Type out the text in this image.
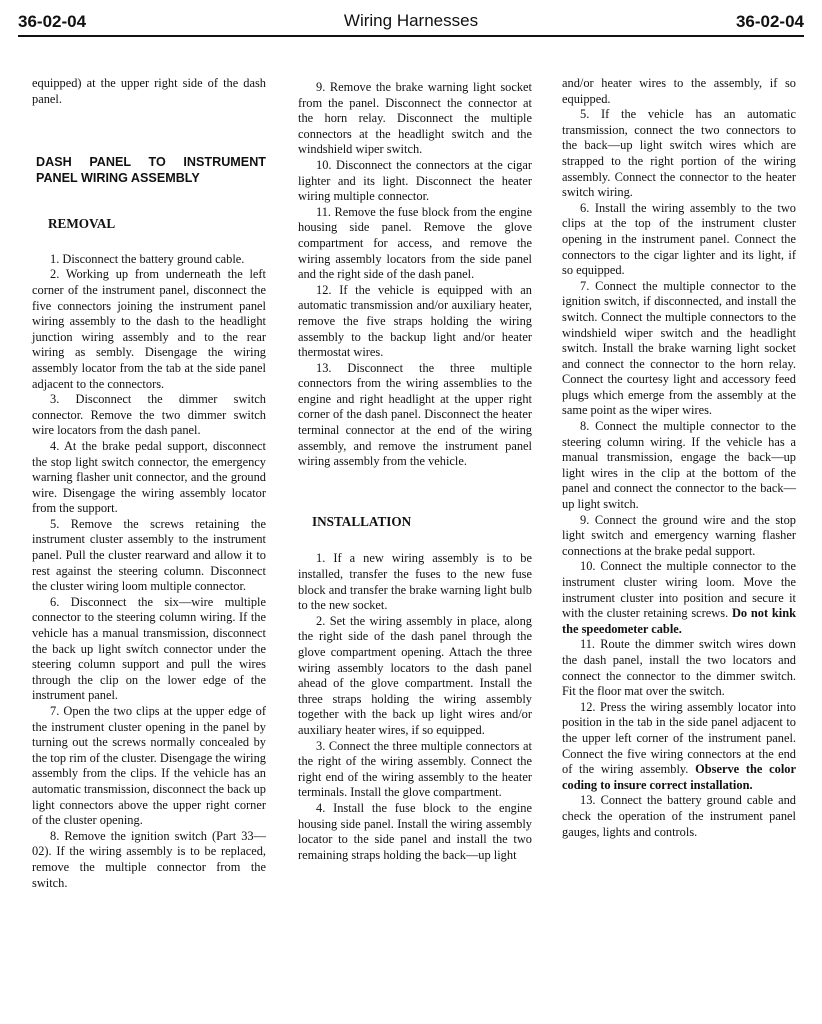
36-02-04	Wiring Harnesses	36-02-04

equipped) at the upper right side of the dash panel.

DASH PANEL TO INSTRUMENT PANEL WIRING ASSEMBLY
REMOVAL

1. Disconnect the battery ground cable.

2. Working up from underneath the left corner of the instrument panel, disconnect the five connectors joining the instrument panel wiring assembly to the dash to the headlight junction wiring assembly and to the rear wiring as sembly. Disengage the wiring assembly locator from the tab at the side panel adjacent to the connectors.

3. Disconnect the dimmer switch connector. Remove the two dimmer switch wire locators from the dash panel.

4. At the brake pedal support, disconnect the stop light switch connector, the emergency warning flasher unit connector, and the ground wire. Disengage the wiring assembly locator from the support.

5. Remove the screws retaining the instrument cluster assembly to the instrument panel. Pull the cluster rearward and allow it to rest against the steering column. Disconnect the cluster wiring loom multiple connector.

6. Disconnect the six—wire multiple connector to the steering column wiring. If the vehicle has a manual transmission, disconnect the back up light swítch connector under the steering column support and pull the wires through the clip on the lower edge of the instrument panel.

7. Open the two clips at the upper edge of the instrument cluster opening in the panel by turning out the screws normally concealed by the top rim of the cluster. Disengage the wiring assembly from the clips. If the vehicle has an automatic transmission, disconnect the back up light connectors above the upper right corner of the cluster opening.

8. Remove the ignition switch (Part 33—02). If the wiring assembly is to be replaced, remove the multiple connector from the switch.

9. Remove the brake warning light socket from the panel. Disconnect the connector at the horn relay. Disconnect the multiple connectors at the headlight switch and the windshield wiper switch.

10. Disconnect the connectors at the cigar lighter and its light. Disconnect the heater wiring multiple connector.

11. Remove the fuse block from the engine housing side panel. Remove the glove compartment for access, and remove the wiring assembly locators from the side panel and the right side of the dash panel.

12. If the vehicle is equipped with an automatic transmission and/or auxiliary heater, remove the five straps holding the wiring assembly to the backup light and/or heater thermostat wires.

13. Disconnect the three multiple connectors from the wiring assemblies to the engine and right headlight at the upper right corner of the dash panel. Disconnect the heater terminal connector at the end of the wiring assembly, and remove the instrument panel wiring assembly from the vehicle.

INSTALLATION

1. If a new wiring assembly is to be installed, transfer the fuses to the new fuse block and transfer the brake warning light bulb to the new socket.

2. Set the wiring assembly in place, along the right side of the dash panel through the glove compartment opening. Attach the three wiring assembly locators to the dash panel ahead of the glove compartment. Install the three straps holding the wiring assembly together with the back up light wires and/or auxiliary heater wires, if so equipped.

3. Connect the three multiple connectors at the right of the wiring assembly. Connect the right end of the wiring assembly to the heater terminals. Install the glove compartment.

4. Install the fuse block to the engine housing side panel. Install the wiring assembly locator to the side panel and install the two remaining straps holding the back—up light

and/or heater wires to the assembly, if so equipped.

5. If the vehicle has an automatic transmission, connect the two connectors to the back—up light switch wires which are strapped to the right portion of the wiring assembly. Connect the connector to the heater switch wiring.

6. Install the wiring assembly to the two clips at the top of the instrument cluster opening in the instrument panel. Connect the connectors to the cigar lighter and its light, if so equipped.

7. Connect the multiple connector to the ignition switch, if disconnected, and install the switch. Connect the multiple connectors to the windshield wiper switch and the headlight switch. Install the brake warning light socket and connect the connector to the horn relay. Connect the courtesy light and accessory feed plugs which emerge from the assembly at the same point as the wiper wires.

8. Connect the multiple connector to the steering column wiring. If the vehicle has a manual transmission, engage the back—up light wires in the clip at the bottom of the panel and connect the connector to the back—up light switch.

9. Connect the ground wire and the stop light switch and emergency warning flasher connections at the brake pedal support.

10. Connect the multiple connector to the instrument cluster wiring loom. Move the instrument cluster into position and secure it with the cluster retaining screws. Do not kink the speedometer cable.

11. Route the dimmer switch wires down the dash panel, install the two locators and connect the connector to the dimmer switch. Fit the floor mat over the switch.

12. Press the wiring assembly locator into position in the tab in the side panel adjacent to the upper left corner of the instrument panel. Connect the five wiring connectors at the end of the wiring assembly. Observe the color coding to insure correct installation.

13. Connect the battery ground cable and check the operation of the instrument panel gauges, lights and controls.
